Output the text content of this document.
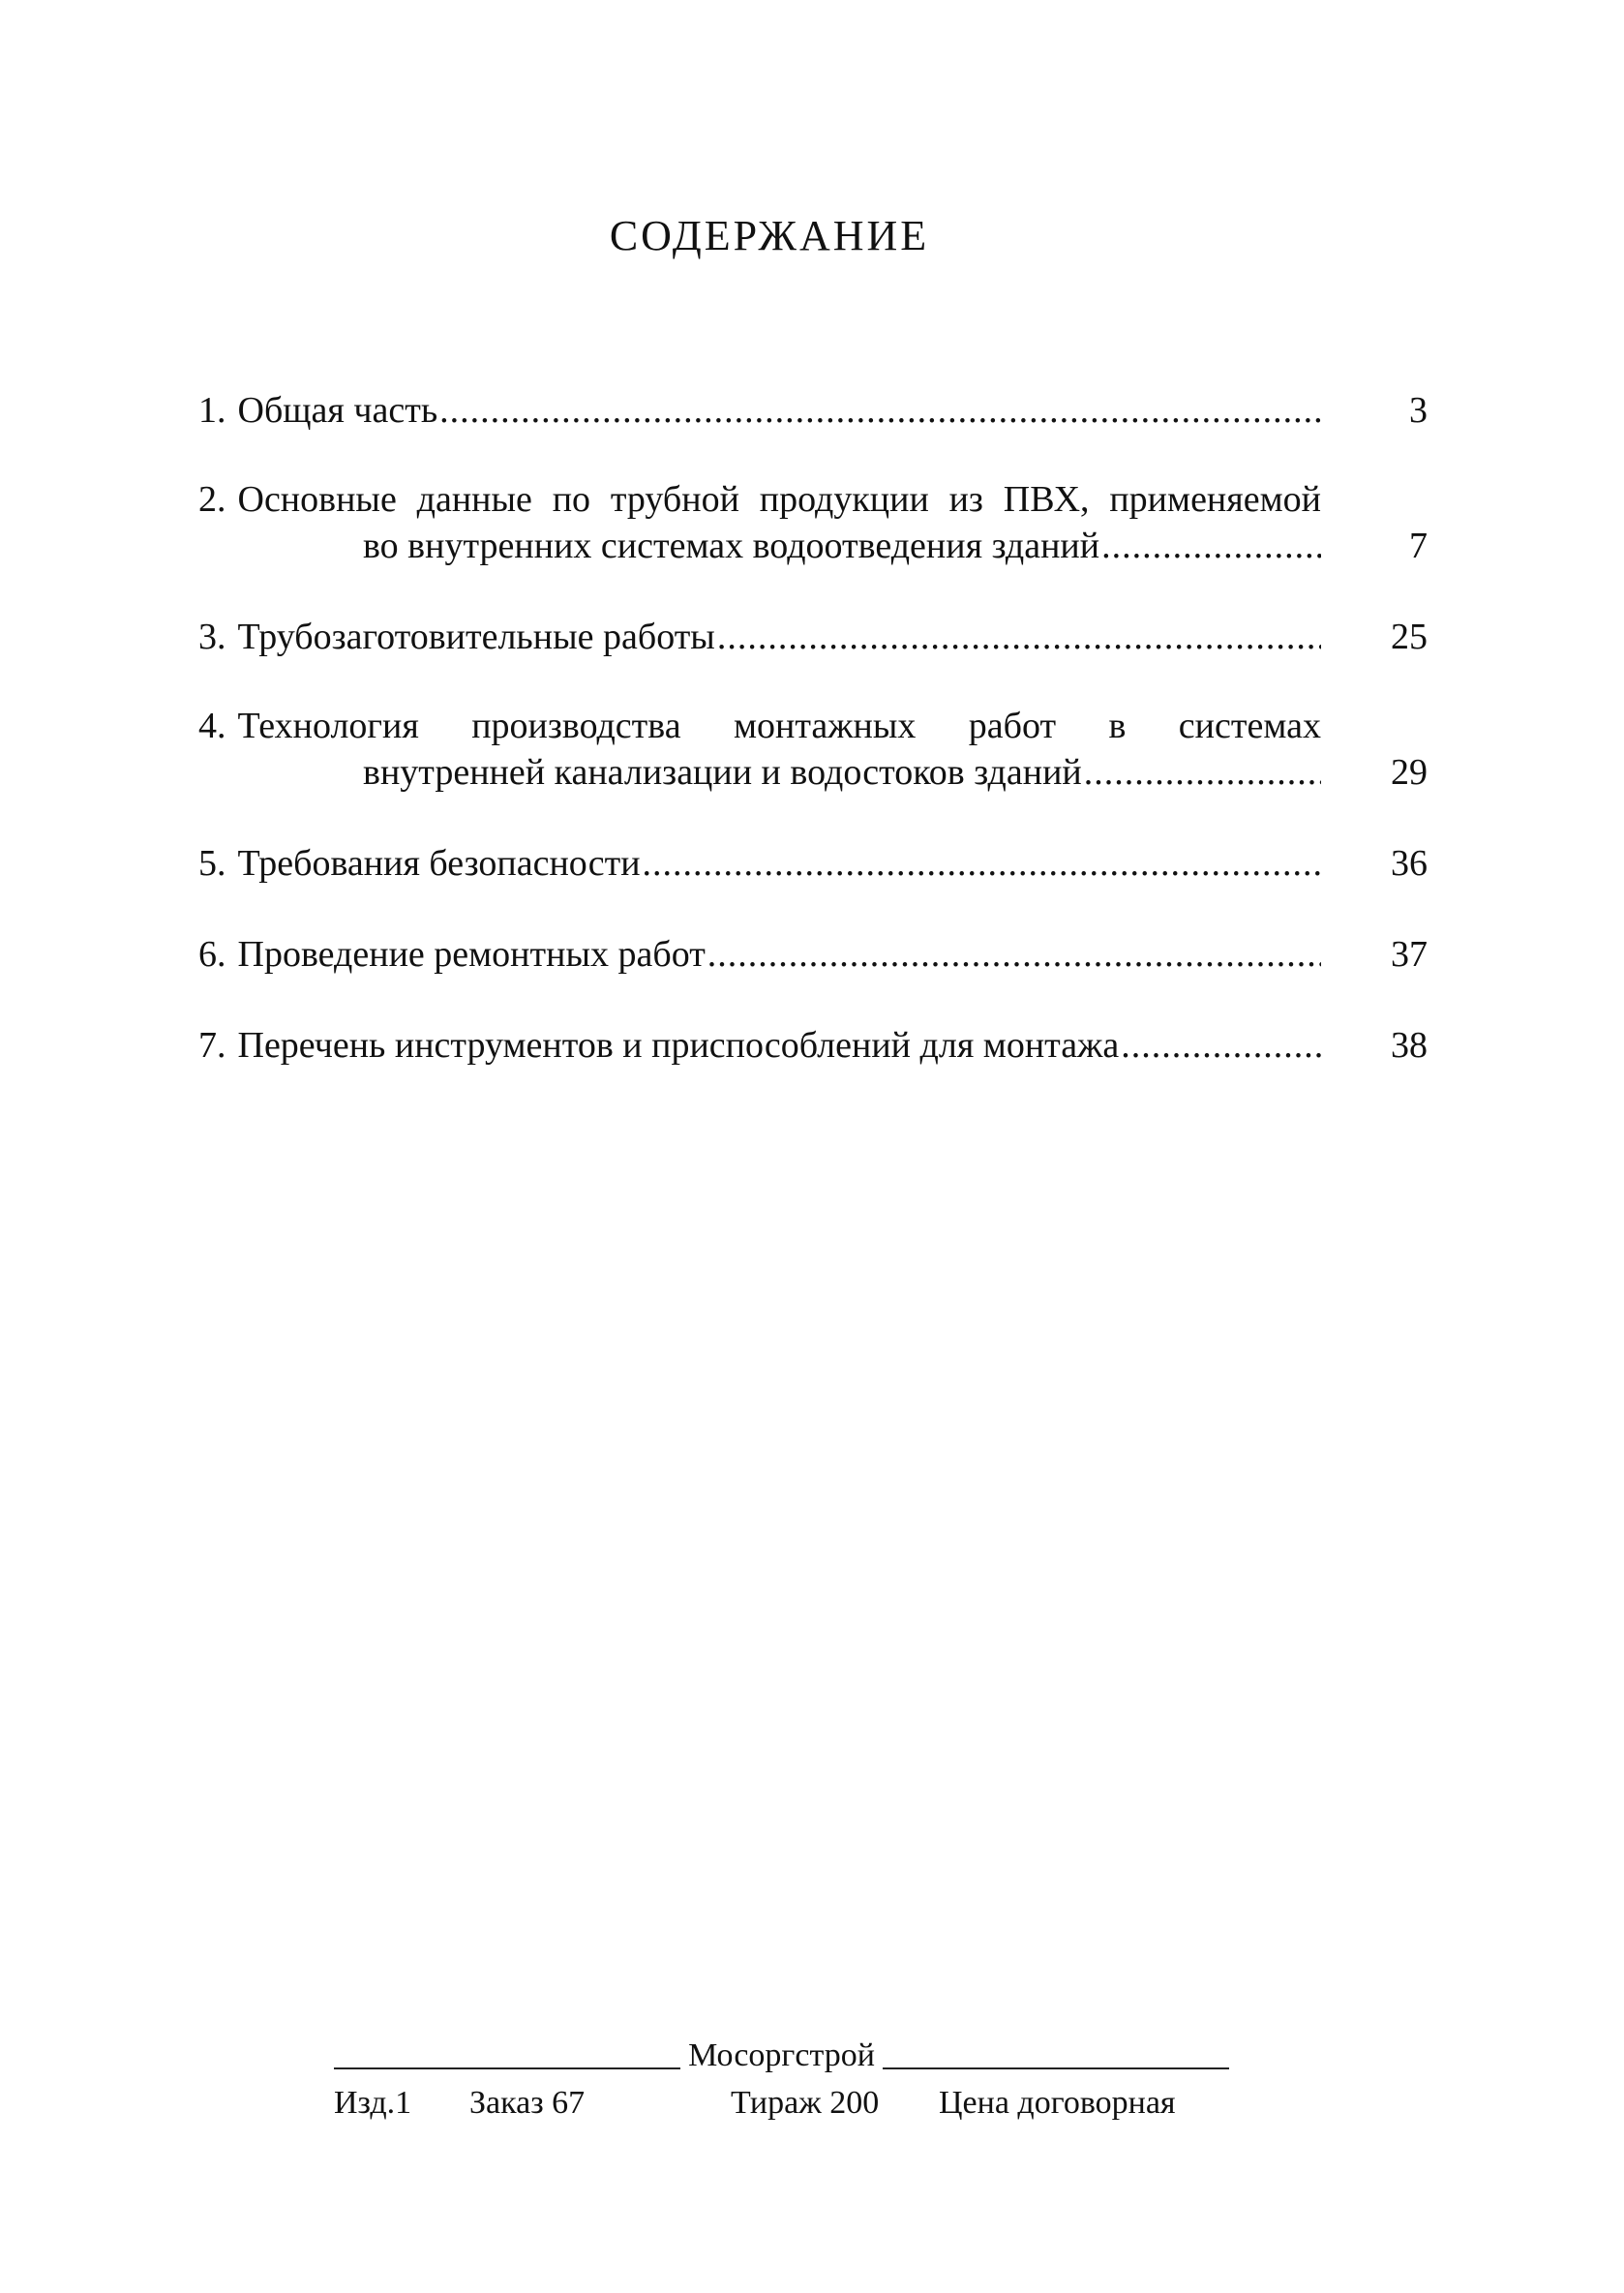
СОДЕРЖАНИЕ
1. Общая часть .....	3
2. Основные данные по трубной продукции из ПВХ, применяемой
во внутренних системах водоотведения зданий .....	7
3. Трубозаготовительные работы .....	25
4. Технология производства монтажных работ в системах
внутренней канализации и водостоков зданий .....	29
5. Требования безопасности .....	36
6. Проведение ремонтных работ .....	37
7. Перечень инструментов и приспособлений для монтажа .....	38
Мосоргстрой
Изд.1	Заказ 67	Тираж 200	Цена договорная
